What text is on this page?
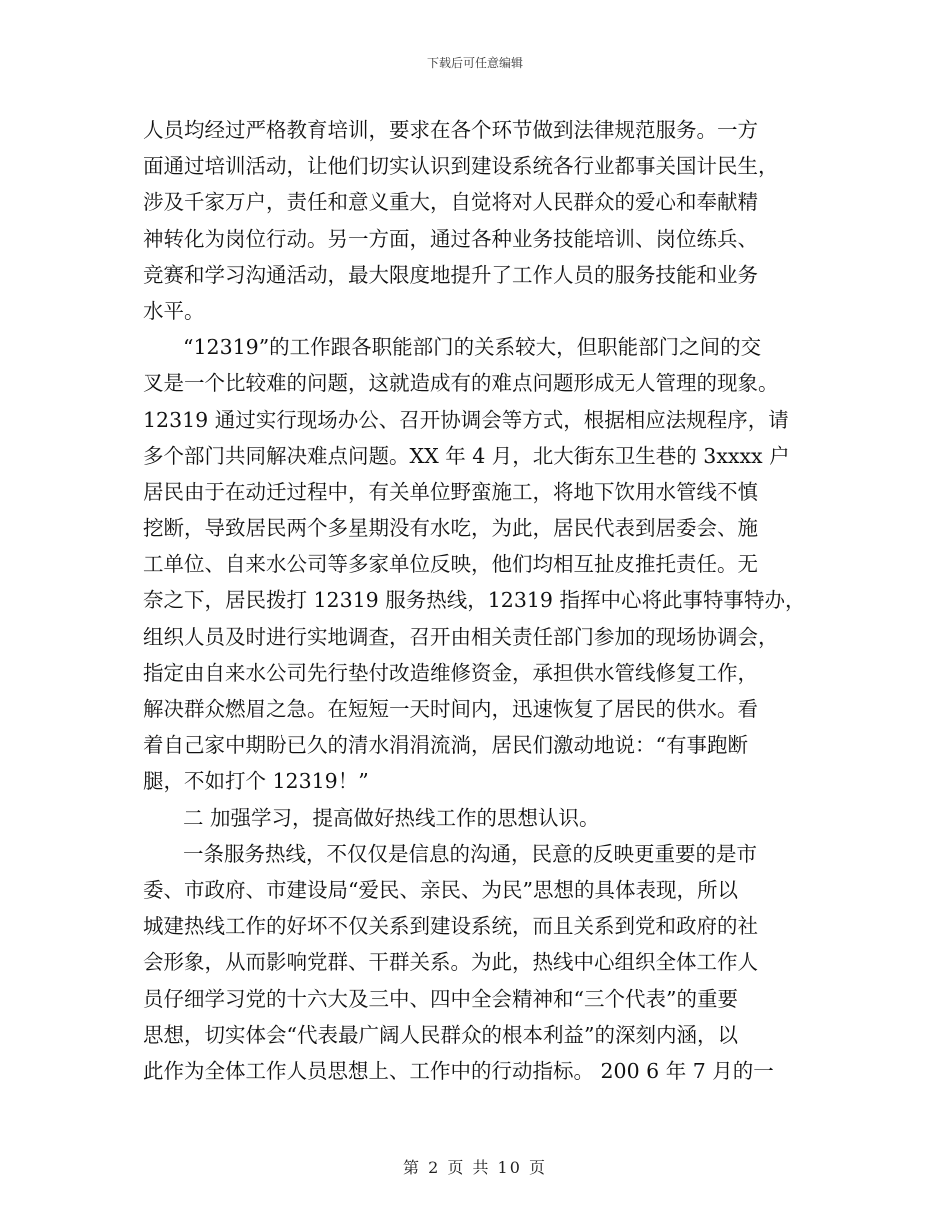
下载后可任意编辑
人员均经过严格教育培训，要求在各个环节做到法律规范服务。一方
面通过培训活动，让他们切实认识到建设系统各行业都事关国计民生，
涉及千家万户，责任和意义重大，自觉将对人民群众的爱心和奉献精
神转化为岗位行动。另一方面，通过各种业务技能培训、岗位练兵、
竞赛和学习沟通活动，最大限度地提升了工作人员的服务技能和业务
水平。
“12319”的工作跟各职能部门的关系较大，但职能部门之间的交
叉是一个比较难的问题，这就造成有的难点问题形成无人管理的现象。
12319 通过实行现场办公、召开协调会等方式，根据相应法规程序，请
多个部门共同解决难点问题。XX 年 4 月，北大街东卫生巷的 3xxxx 户
居民由于在动迁过程中，有关单位野蛮施工，将地下饮用水管线不慎
挖断，导致居民两个多星期没有水吃，为此，居民代表到居委会、施
工单位、自来水公司等多家单位反映，他们均相互扯皮推托责任。无
奈之下，居民拨打 12319 服务热线，12319 指挥中心将此事特事特办，
组织人员及时进行实地调查，召开由相关责任部门参加的现场协调会，
指定由自来水公司先行垫付改造维修资金，承担供水管线修复工作，
解决群众燃眉之急。在短短一天时间内，迅速恢复了居民的供水。看
着自己家中期盼已久的清水涓涓流淌，居民们激动地说：“有事跑断
腿，不如打个 12319！”
二 加强学习，提高做好热线工作的思想认识。
一条服务热线，不仅仅是信息的沟通，民意的反映更重要的是市
委、市政府、市建设局“爱民、亲民、为民”思想的具体表现，所以
城建热线工作的好坏不仅关系到建设系统，而且关系到党和政府的社
会形象，从而影响党群、干群关系。为此，热线中心组织全体工作人
员仔细学习党的十六大及三中、四中全会精神和“三个代表”的重要
思想，切实体会“代表最广阔人民群众的根本利益”的深刻内涵，以
此作为全体工作人员思想上、工作中的行动指标。 200 6 年 7 月的一
第 2 页 共 10 页
